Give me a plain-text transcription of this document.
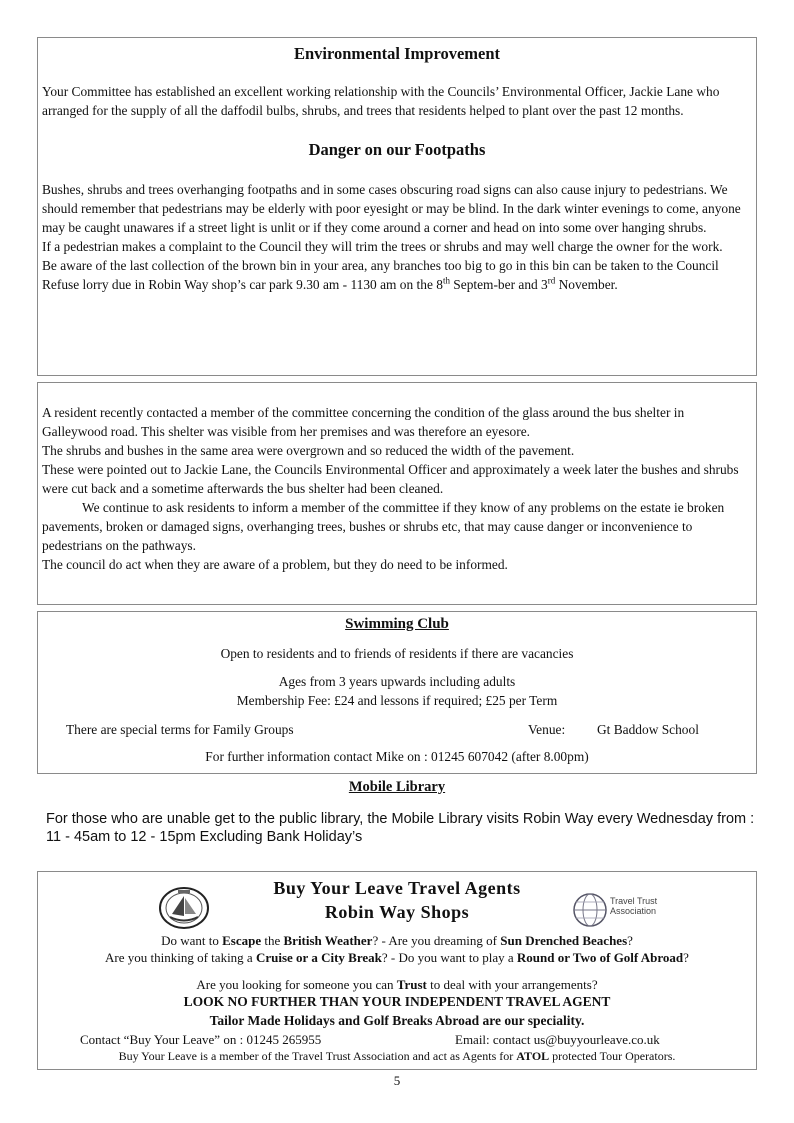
Environmental Improvement

Your Committee has established an excellent working relationship with the Councils’ Environmental Officer, Jackie Lane who arranged for the supply of all the daffodil bulbs, shrubs, and trees that residents helped to plant over the past 12 months.

Danger on our Footpaths

Bushes, shrubs and trees overhanging footpaths and in some cases obscuring road signs can also cause injury to pedestrians. We should remember that pedestrians may be elderly with poor eyesight or may be blind. In the dark winter evenings to come, anyone may be caught unawares if a street light is unlit or if they come around a corner and head on into some over hanging shrubs.

If a pedestrian makes a complaint to the Council they will trim the trees or shrubs and may well charge the owner for the work.

Be aware of the last collection of the brown bin in your area, any branches too big to go in this bin can be taken to the Council Refuse lorry due in Robin Way shop’s car park 9.30 am - 1130 am on the 8th Septem-ber and 3rd November.

A resident recently contacted a member of the committee concerning the condition of the glass around the bus shelter in Galleywood road. This shelter was visible from her premises and was therefore an eyesore.

The shrubs and bushes in the same area were overgrown and so reduced the width of the pavement.

These were pointed out to Jackie Lane, the Councils Environmental Officer and approximately a week later the bushes and shrubs were cut back and a sometime afterwards the bus shelter had been cleaned.

We continue to ask residents to inform a member of the committee if they know of any problems on the estate ie broken pavements, broken or damaged signs, overhanging trees, bushes or shrubs etc, that may cause danger or inconvenience to pedestrians on the pathways.

The council do act when they are aware of a problem, but they do need to be informed.

Swimming Club
Open to residents and to friends of residents if there are vacancies
Ages from 3 years upwards including adults
Membership Fee: £24 and lessons if required; £25 per Term
There are special terms for Family Groups	Venue: Gt Baddow School
For further information contact Mike on : 01245 607042 (after 8.00pm)
Mobile Library

For those who are unable get to the public library, the Mobile Library visits Robin Way every Wednesday from : 11 - 45am to 12 - 15pm Excluding Bank Holiday’s

Travel Trust
Association
Buy Your Leave Travel Agents
Robin Way Shops
Do want to Escape the British Weather? - Are you dreaming of Sun Drenched Beaches?
Are you thinking of taking a Cruise or a City Break? - Do you want to play a Round or Two of Golf Abroad?
Are you looking for someone you can Trust to deal with your arrangements?
LOOK NO FURTHER THAN YOUR INDEPENDENT TRAVEL AGENT
Tailor Made Holidays and Golf Breaks Abroad are our speciality.
Contact “Buy Your Leave” on : 01245 265955	Email: contact us@buyyourleave.co.uk
Buy Your Leave is a member of the Travel Trust Association and act as Agents for ATOL protected Tour Operators.
5
